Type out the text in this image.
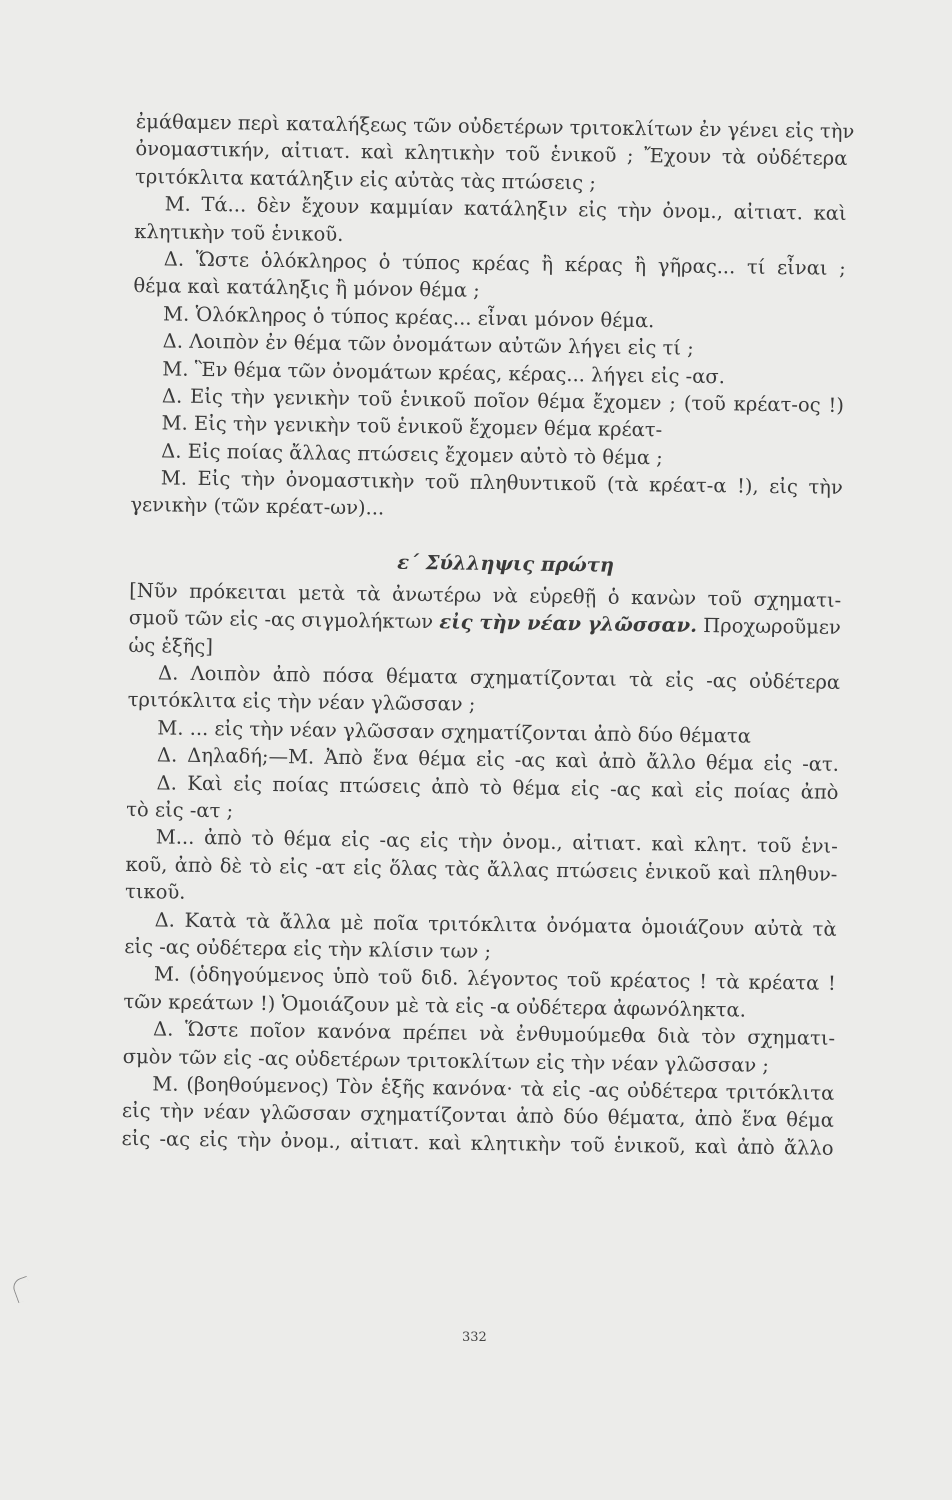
ἐμάθαμεν περὶ καταλήξεως τῶν οὐδετέρων τριτοκλίτων ἐν γένει εἰς τὴν
ὀνομαστικήν, αἰτιατ. καὶ κλητικὴν τοῦ ἑνικοῦ ; Ἔχουν τὰ οὐδέτερα
τριτόκλιτα κατάληξιν εἰς αὐτὰς τὰς πτώσεις ;
Μ. Τά... δὲν ἔχουν καμμίαν κατάληξιν εἰς τὴν ὀνομ., αἰτιατ. καὶ
κλητικὴν τοῦ ἑνικοῦ.
Δ. Ὥστε ὁλόκληρος ὁ τύπος κρέας ἢ κέρας ἢ γῆρας... τί εἶναι ;
θέμα καὶ κατάληξις ἢ μόνον θέμα ;
Μ. Ὁλόκληρος ὁ τύπος κρέας... εἶναι μόνον θέμα.
Δ. Λοιπὸν ἐν θέμα τῶν ὀνομάτων αὐτῶν λήγει εἰς τί ;
Μ. Ἓν θέμα τῶν ὀνομάτων κρέας, κέρας... λήγει εἰς -ασ.
Δ. Εἰς τὴν γενικὴν τοῦ ἑνικοῦ ποῖον θέμα ἔχομεν ; (τοῦ κρέατ-ος !)
Μ. Εἰς τὴν γενικὴν τοῦ ἑνικοῦ ἔχομεν θέμα κρέατ-
Δ. Εἰς ποίας ἄλλας πτώσεις ἔχομεν αὐτὸ τὸ θέμα ;
Μ. Εἰς τὴν ὀνομαστικὴν τοῦ πληθυντικοῦ (τὰ κρέατ-α !), εἰς τὴν
γενικὴν (τῶν κρέατ-ων)...
ε΄ Σύλληψις πρώτη
[Νῦν πρόκειται μετὰ τὰ ἀνωτέρω νὰ εὑρεθῇ ὁ κανὼν τοῦ σχηματι-
σμοῦ τῶν εἰς -ας σιγμολήκτων εἰς τὴν νέαν γλῶσσαν. Προχωροῦμεν
ὡς ἑξῆς]
Δ. Λοιπὸν ἀπὸ πόσα θέματα σχηματίζονται τὰ εἰς -ας οὐδέτερα
τριτόκλιτα εἰς τὴν νέαν γλῶσσαν ;
Μ. ... εἰς τὴν νέαν γλῶσσαν σχηματίζονται ἀπὸ δύο θέματα
Δ. Δηλαδή;—Μ. Ἀπὸ ἕνα θέμα εἰς -ας καὶ ἀπὸ ἄλλο θέμα εἰς -ατ.
Δ. Καὶ εἰς ποίας πτώσεις ἀπὸ τὸ θέμα εἰς -ας καὶ εἰς ποίας ἀπὸ
τὸ εἰς -ατ ;
Μ... ἀπὸ τὸ θέμα εἰς -ας εἰς τὴν ὀνομ., αἰτιατ. καὶ κλητ. τοῦ ἑνι-
κοῦ, ἀπὸ δὲ τὸ εἰς -ατ εἰς ὅλας τὰς ἄλλας πτώσεις ἑνικοῦ καὶ πληθυν-
τικοῦ.
Δ. Κατὰ τὰ ἄλλα μὲ ποῖα τριτόκλιτα ὀνόματα ὁμοιάζουν αὐτὰ τὰ
εἰς -ας οὐδέτερα εἰς τὴν κλίσιν των ;
Μ. (ὁδηγούμενος ὑπὸ τοῦ διδ. λέγοντος τοῦ κρέατος ! τὰ κρέατα !
τῶν κρεάτων !) Ὁμοιάζουν μὲ τὰ εἰς -α οὐδέτερα ἀφωνόληκτα.
Δ. Ὥστε ποῖον κανόνα πρέπει νὰ ἐνθυμούμεθα διὰ τὸν σχηματι-
σμὸν τῶν εἰς -ας οὐδετέρων τριτοκλίτων εἰς τὴν νέαν γλῶσσαν ;
Μ. (βοηθούμενος) Τὸν ἑξῆς κανόνα· τὰ εἰς -ας οὐδέτερα τριτόκλιτα
εἰς τὴν νέαν γλῶσσαν σχηματίζονται ἀπὸ δύο θέματα, ἀπὸ ἕνα θέμα
εἰς -ας εἰς τὴν ὀνομ., αἰτιατ. καὶ κλητικὴν τοῦ ἑνικοῦ, καὶ ἀπὸ ἄλλο
332
